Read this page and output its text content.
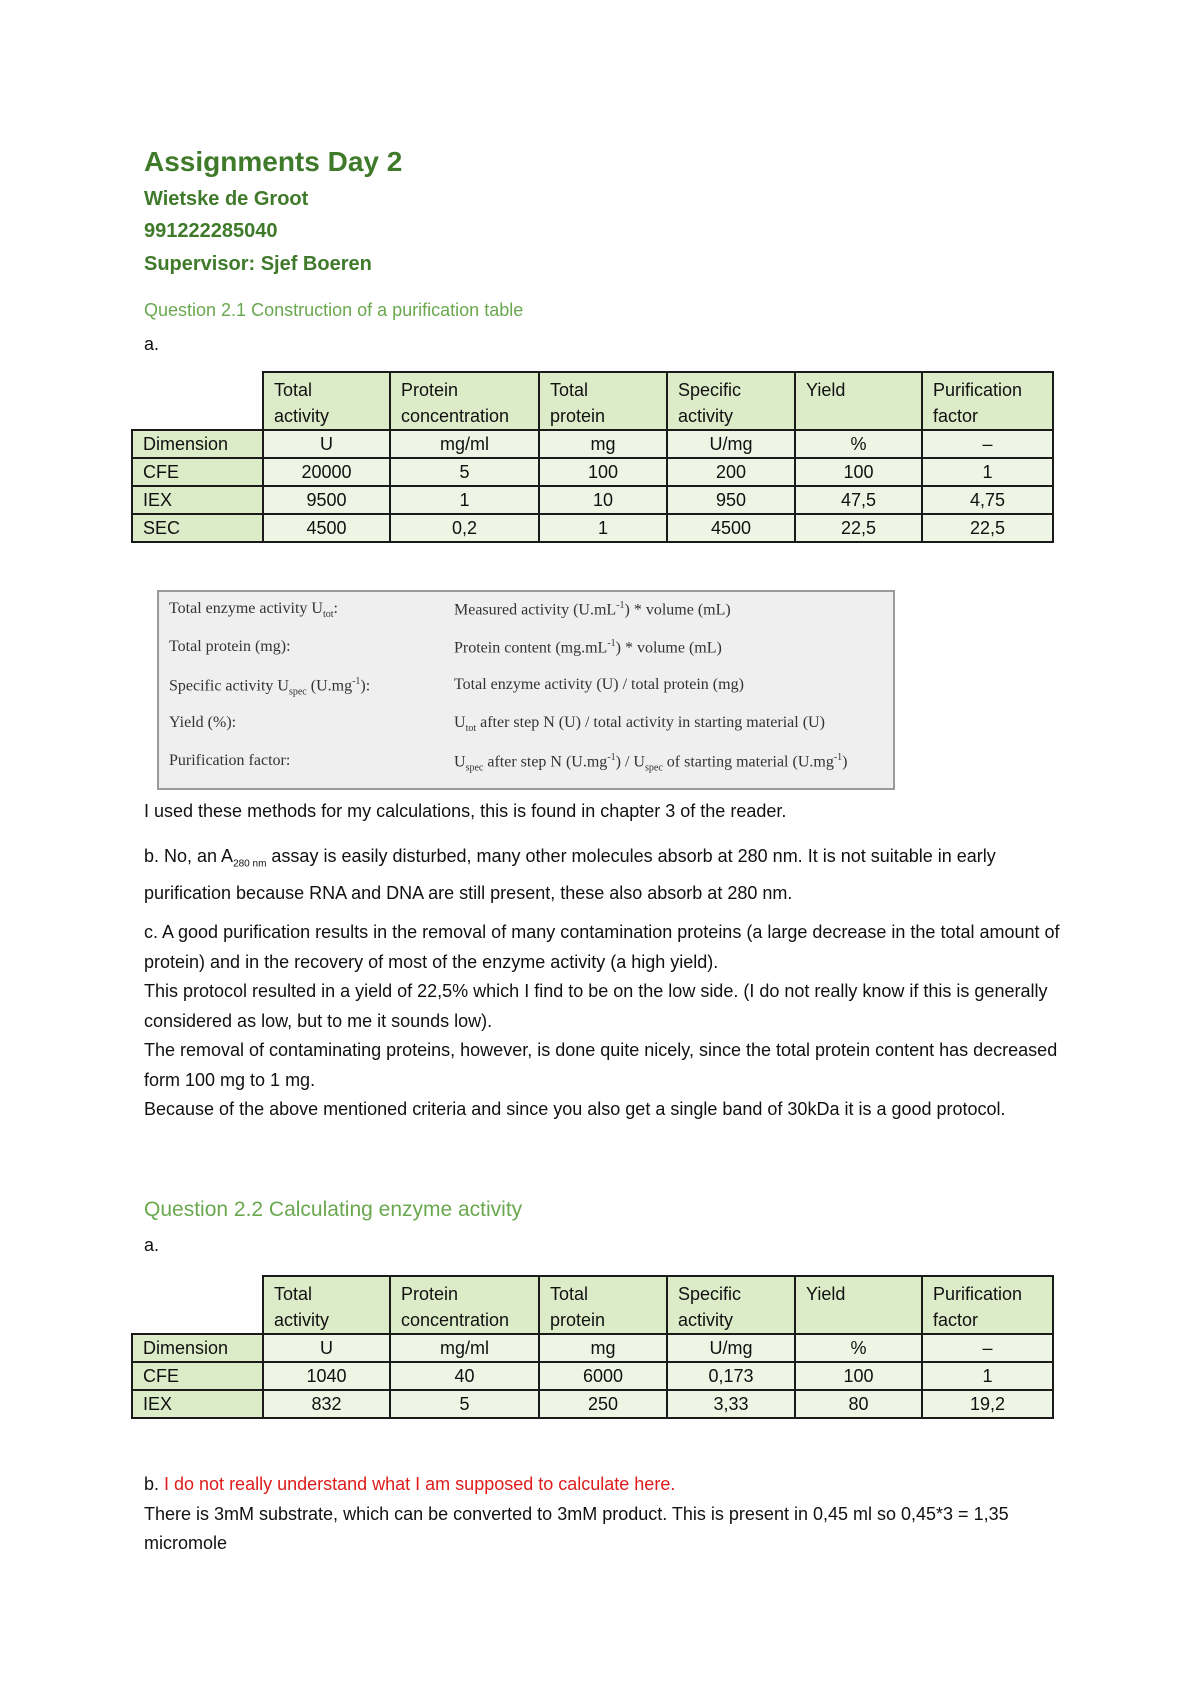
Assignments Day 2
Wietske de Groot
991222285040
Supervisor: Sjef Boeren
Question 2.1 Construction of a purification table
a.
	Total
activity	Protein
concentration	Total
protein	Specific
activity	Yield	Purification
factor
Dimension	U	mg/ml	mg	U/mg	%	–
CFE	20000	5	100	200	100	1
IEX	9500	1	10	950	47,5	4,75
SEC	4500	0,2	1	4500	22,5	22,5
Total enzyme activity $U_{tot}$:	Measured activity $(U.mL^{-1})$ * volume (mL)
Total protein (mg):	Protein content $(mg.mL^{-1})$ * volume (mL)
Specific activity $U_{spec}$ $(U.mg^{-1})$:	Total enzyme activity (U) / total protein (mg)
Yield (%):	$U_{tot}$ after step N (U) / total activity in starting material (U)
Purification factor:	$U_{spec}$ after step N $(U.mg^{-1}) / U_{spec}$ of starting material $(U.mg^{-1})$
I used these methods for my calculations, this is found in chapter 3 of the reader.
b. No, an $A_{280 nm}$ assay is easily disturbed, many other molecules absorb at 280 nm. It is not suitable in early purification because RNA and DNA are still present, these also absorb at 280 nm.
c. A good purification results in the removal of many contamination proteins (a large decrease in the total amount of protein) and in the recovery of most of the enzyme activity (a high yield).
This protocol resulted in a yield of 22,5% which I find to be on the low side. (I do not really know if this is generally considered as low, but to me it sounds low).
The removal of contaminating proteins, however, is done quite nicely, since the total protein content has decreased form 100 mg to 1 mg.
Because of the above mentioned criteria and since you also get a single band of 30kDa it is a good protocol.
Question 2.2 Calculating enzyme activity
a.
	Total
activity	Protein
concentration	Total
protein	Specific
activity	Yield	Purification
factor
Dimension	U	mg/ml	mg	U/mg	%	–
CFE	1040	40	6000	0,173	100	1
IEX	832	5	250	3,33	80	19,2
b. I do not really understand what I am supposed to calculate here.
There is 3mM substrate, which can be converted to 3mM product. This is present in 0,45 ml so 0,45*3 = 1,35 micromole
